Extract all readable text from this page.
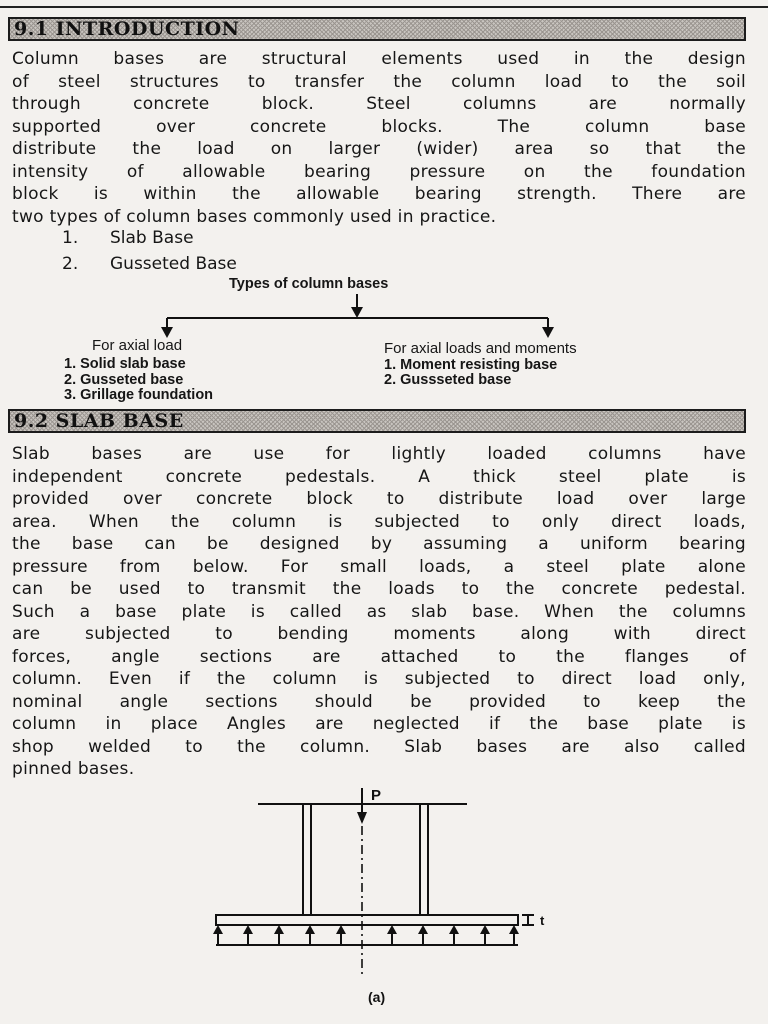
9.1 INTRODUCTION
Column bases are structural elements used in the design
of steel structures to transfer the column load to the soil
through concrete block. Steel columns are normally
supported over concrete blocks. The column base
distribute the load on larger (wider) area so that the
intensity of allowable bearing pressure on the foundation
block is within the allowable bearing strength. There are
two types of column bases commonly used in practice.
1. Slab Base
2. Gusseted Base
Types of column bases
For axial load
1. Solid slab base
2. Gusseted base
3. Grillage foundation
For axial loads and moments
1. Moment resisting base
2. Gussseted base
9.2 SLAB BASE
Slab bases are use for lightly loaded columns have
independent concrete pedestals. A thick steel plate is
provided over concrete block to distribute load over large
area. When the column is subjected to only direct loads,
the base can be designed by assuming a uniform bearing
pressure from below. For small loads, a steel plate alone
can be used to transmit the loads to the concrete pedestal.
Such a base plate is called as slab base. When the columns
are subjected to bending moments along with direct
forces, angle sections are attached to the flanges of
column. Even if the column is subjected to direct load only,
nominal angle sections should be provided to keep the
column in place Angles are neglected if the base plate is
shop welded to the column. Slab bases are also called
pinned bases.
P
t
(a)
